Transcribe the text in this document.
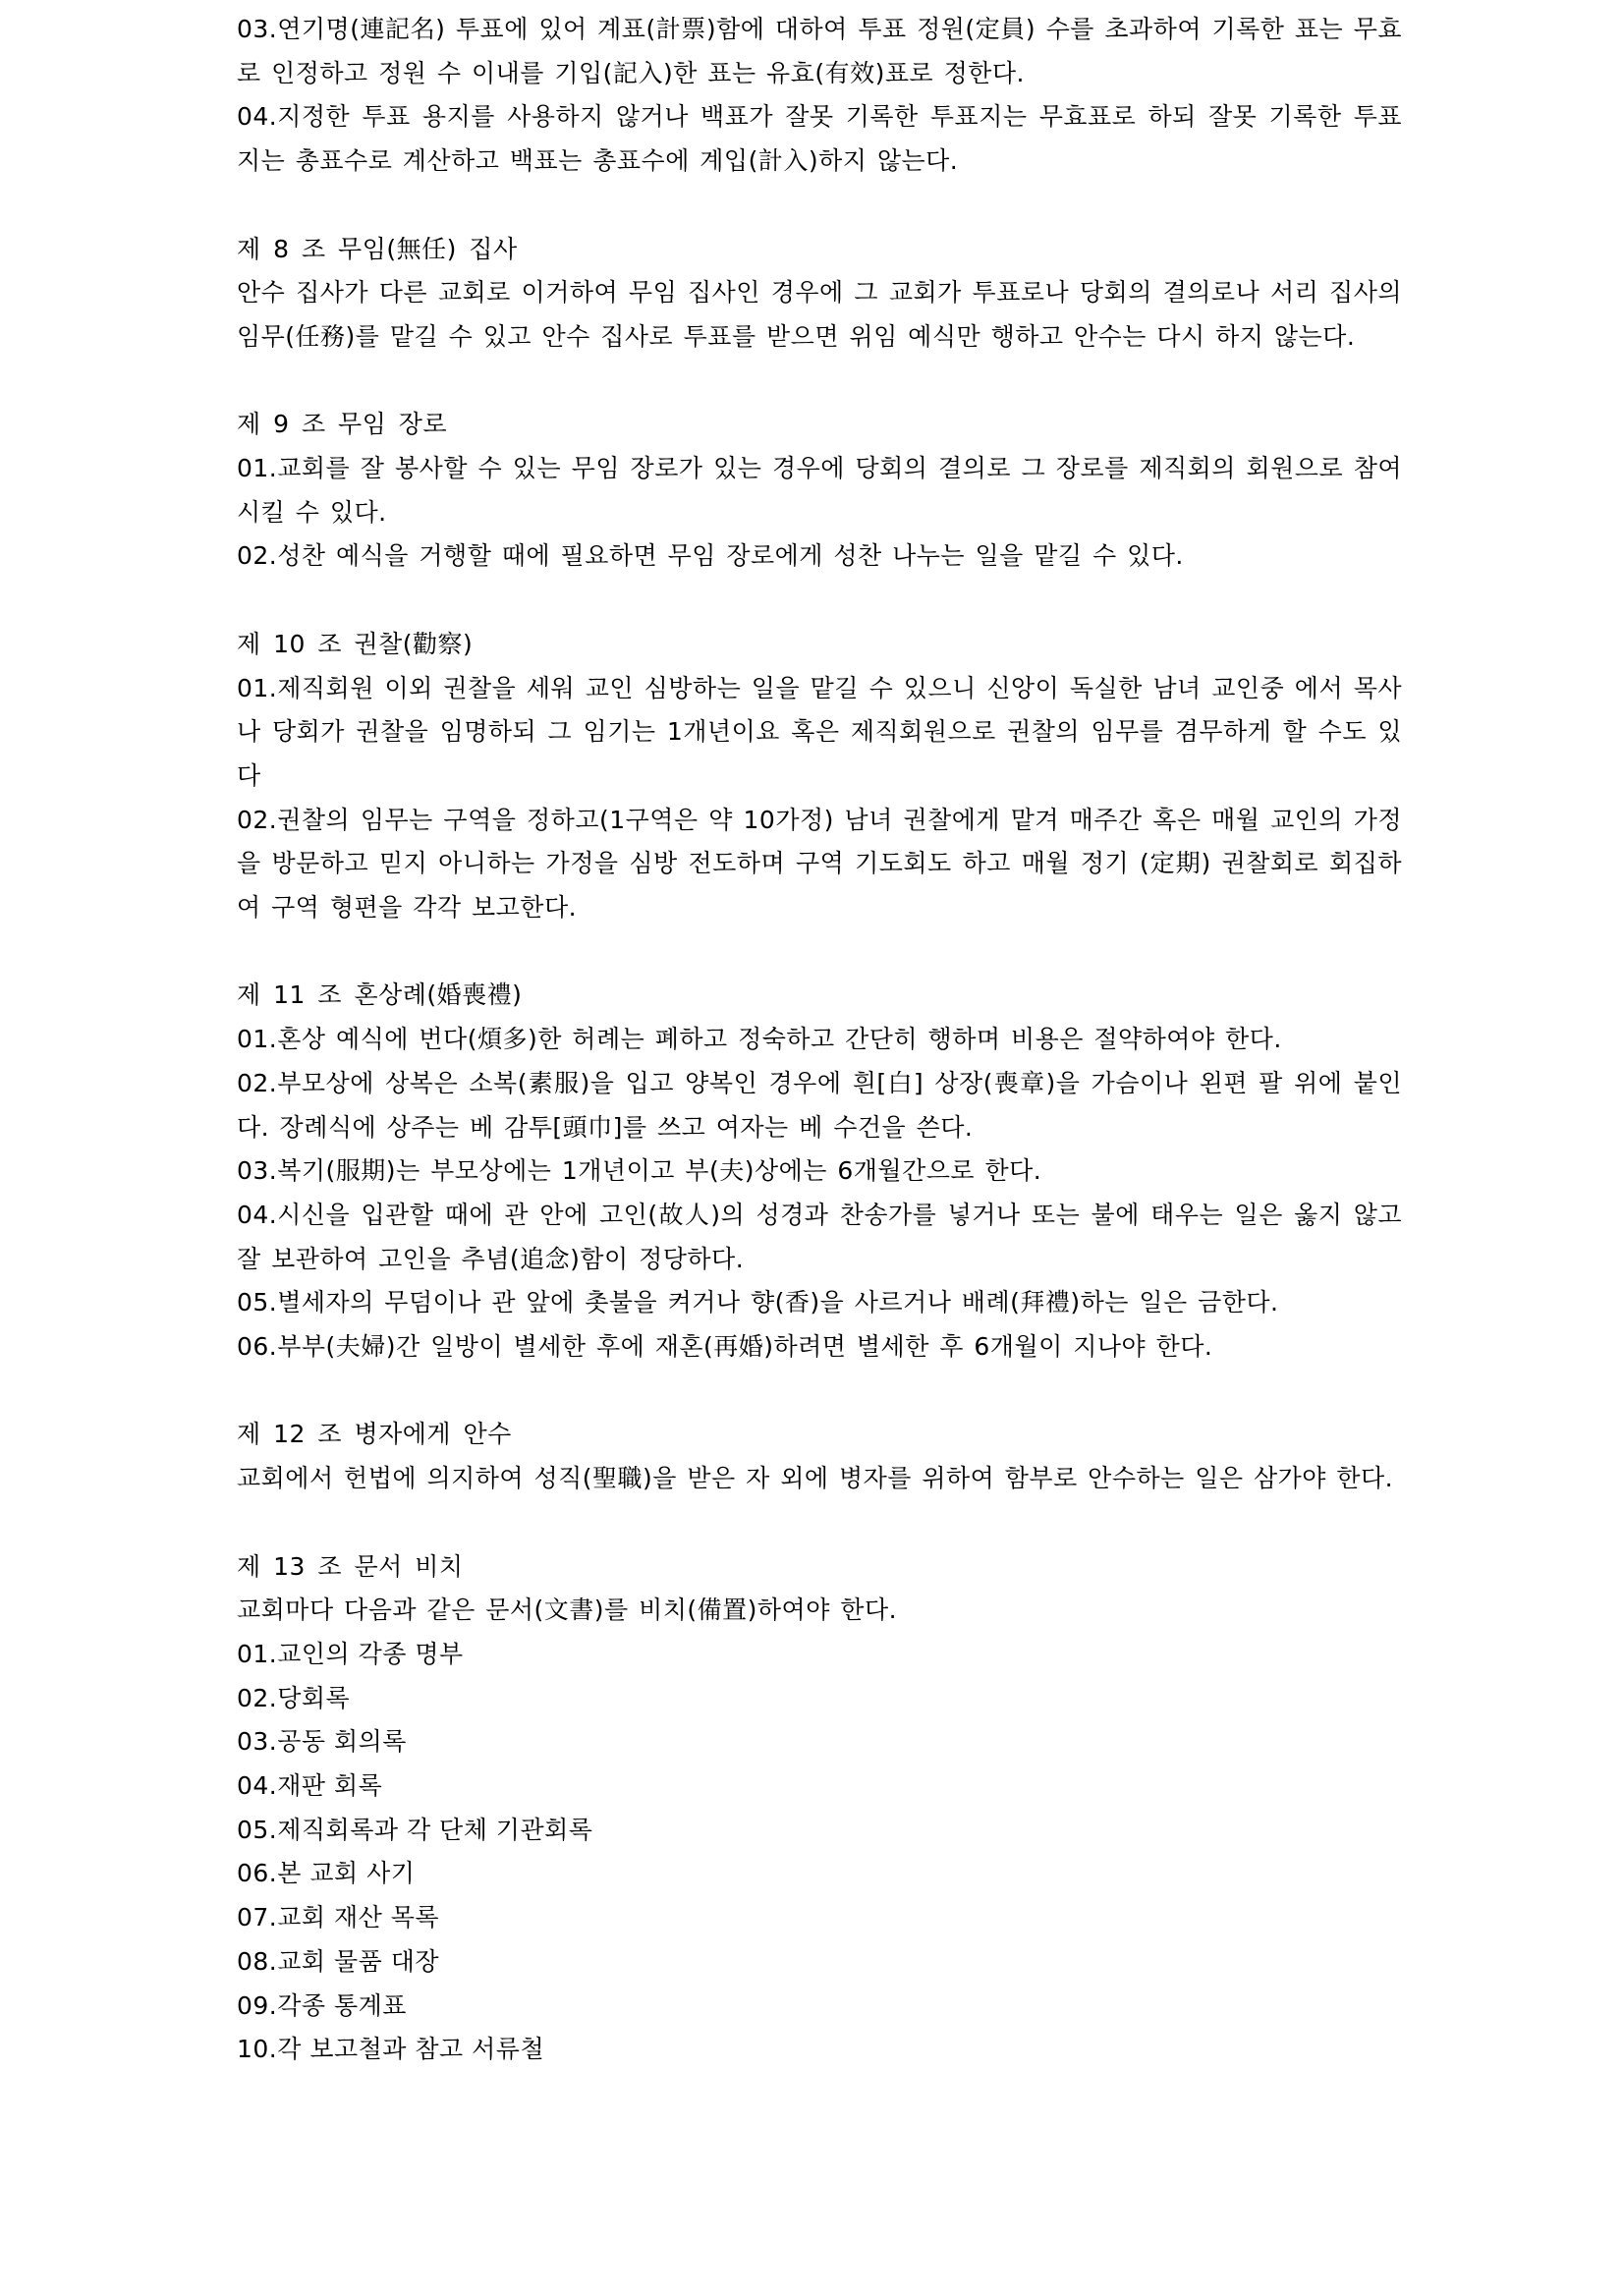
03.연기명(連記名) 투표에 있어 계표(計票)함에 대하여 투표 정원(定員) 수를 초과하여 기록한 표는 무효로 인정하고 정원 수 이내를 기입(記入)한 표는 유효(有效)표로 정한다.

04.지정한 투표 용지를 사용하지 않거나 백표가 잘못 기록한 투표지는 무효표로 하되 잘못 기록한 투표지는 총표수로 계산하고 백표는 총표수에 계입(計入)하지 않는다.

제 8 조 무임(無任) 집사

안수 집사가 다른 교회로 이거하여 무임 집사인 경우에 그 교회가 투표로나 당회의 결의로나 서리 집사의 임무(任務)를 맡길 수 있고 안수 집사로 투표를 받으면 위임 예식만 행하고 안수는 다시 하지 않는다.

제 9 조 무임 장로

01.교회를 잘 봉사할 수 있는 무임 장로가 있는 경우에 당회의 결의로 그 장로를 제직회의 회원으로 참여시킬 수 있다.

02.성찬 예식을 거행할 때에 필요하면 무임 장로에게 성찬 나누는 일을 맡길 수 있다.

제 10 조 권찰(勸察)

01.제직회원 이외 권찰을 세워 교인 심방하는 일을 맡길 수 있으니 신앙이 독실한 남녀 교인중 에서 목사나 당회가 권찰을 임명하되 그 임기는 1개년이요 혹은 제직회원으로 권찰의 임무를 겸무하게 할 수도 있다

02.권찰의 임무는 구역을 정하고(1구역은 약 10가정) 남녀 권찰에게 맡겨 매주간 혹은 매월 교인의 가정을 방문하고 믿지 아니하는 가정을 심방 전도하며 구역 기도회도 하고 매월 정기 (定期) 권찰회로 회집하여 구역 형편을 각각 보고한다.

제 11 조 혼상례(婚喪禮)

01.혼상 예식에 번다(煩多)한 허례는 폐하고 정숙하고 간단히 행하며 비용은 절약하여야 한다.

02.부모상에 상복은 소복(素服)을 입고 양복인 경우에 흰[白] 상장(喪章)을 가슴이나 왼편 팔 위에 붙인다. 장례식에 상주는 베 감투[頭巾]를 쓰고 여자는 베 수건을 쓴다.

03.복기(服期)는 부모상에는 1개년이고 부(夫)상에는 6개월간으로 한다.

04.시신을 입관할 때에 관 안에 고인(故人)의 성경과 찬송가를 넣거나 또는 불에 태우는 일은 옳지 않고 잘 보관하여 고인을 추념(追念)함이 정당하다.

05.별세자의 무덤이나 관 앞에 촛불을 켜거나 향(香)을 사르거나 배례(拜禮)하는 일은 금한다.

06.부부(夫婦)간 일방이 별세한 후에 재혼(再婚)하려면 별세한 후 6개월이 지나야 한다.

제 12 조 병자에게 안수

교회에서 헌법에 의지하여 성직(聖職)을 받은 자 외에 병자를 위하여 함부로 안수하는 일은 삼가야 한다.

제 13 조 문서 비치

교회마다 다음과 같은 문서(文書)를 비치(備置)하여야 한다.

01.교인의 각종 명부

02.당회록

03.공동 회의록

04.재판 회록

05.제직회록과 각 단체 기관회록

06.본 교회 사기

07.교회 재산 목록

08.교회 물품 대장

09.각종 통계표

10.각 보고철과 참고 서류철
